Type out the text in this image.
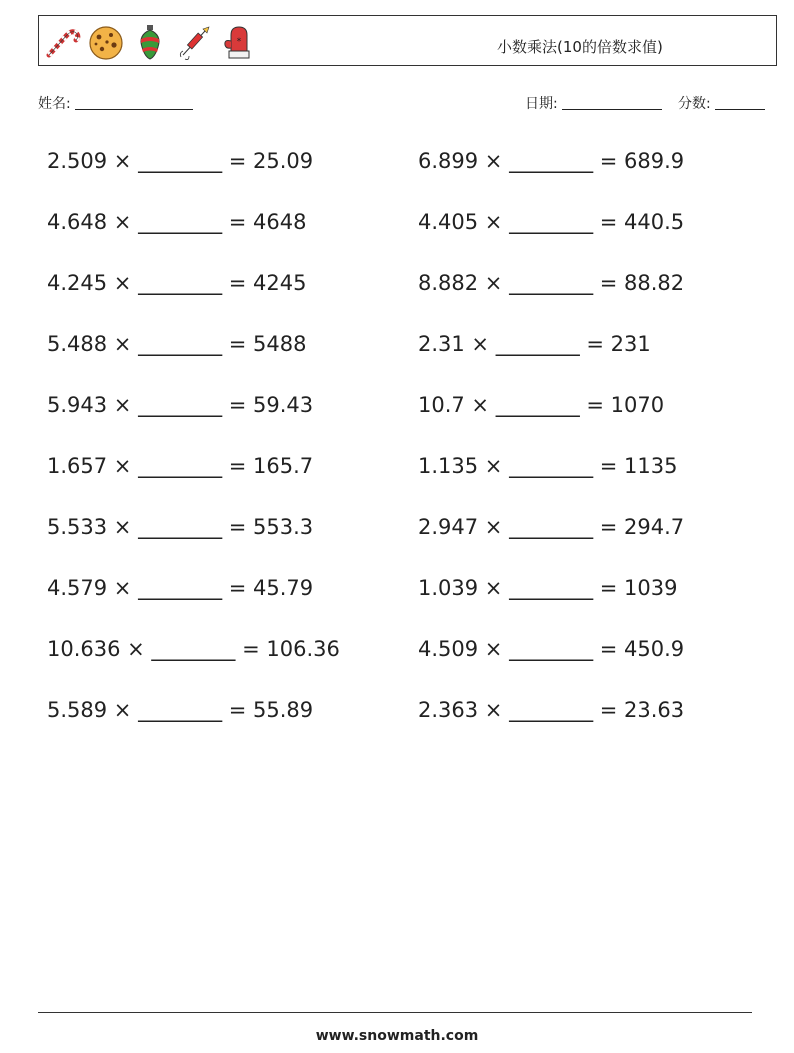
*	小数乘法(10的倍数求值)
姓名:	日期:	分数:
2.509 × ________ = 25.09
4.648 × ________ = 4648
4.245 × ________ = 4245
5.488 × ________ = 5488
5.943 × ________ = 59.43
1.657 × ________ = 165.7
5.533 × ________ = 553.3
4.579 × ________ = 45.79
10.636 × ________ = 106.36
5.589 × ________ = 55.89
6.899 × ________ = 689.9
4.405 × ________ = 440.5
8.882 × ________ = 88.82
2.31 × ________ = 231
10.7 × ________ = 1070
1.135 × ________ = 1135
2.947 × ________ = 294.7
1.039 × ________ = 1039
4.509 × ________ = 450.9
2.363 × ________ = 23.63
www.snowmath.com
